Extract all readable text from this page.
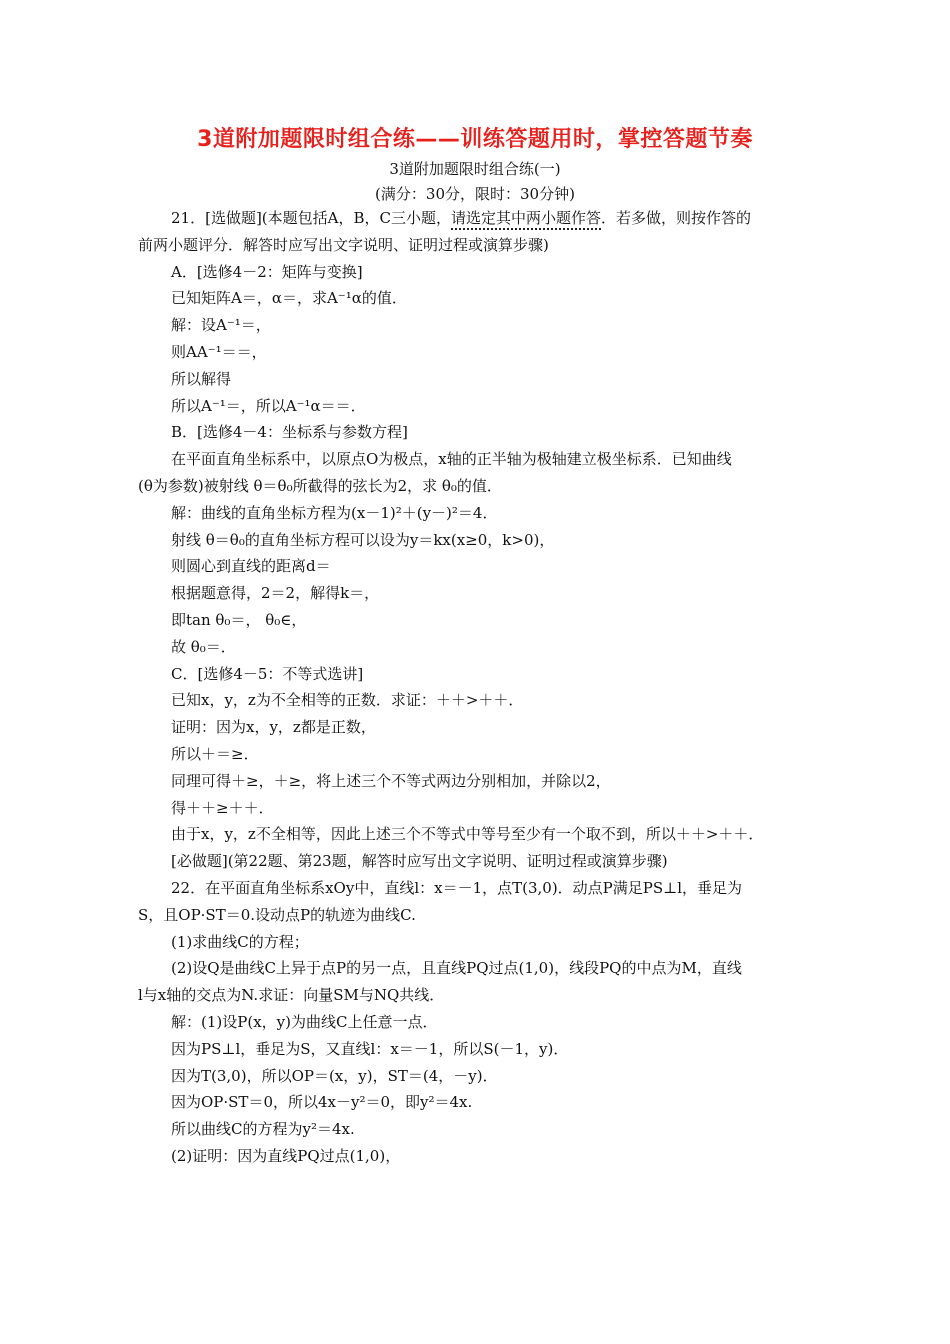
3道附加题限时组合练——训练答题用时，掌控答题节奏
3道附加题限时组合练(一)
(满分：30分，限时：30分钟)
21．[选做题](本题包括A，B，C三小题，请选定其中两小题作答．若多做，则按作答的
前两小题评分．解答时应写出文字说明、证明过程或演算步骤)
A．[选修4－2：矩阵与变换]
已知矩阵A＝，α＝，求A⁻¹α的值．
解：设A⁻¹＝，
则AA⁻¹＝＝，
所以解得
所以A⁻¹＝，所以A⁻¹α＝＝．
B．[选修4－4：坐标系与参数方程]
在平面直角坐标系中，以原点O为极点，x轴的正半轴为极轴建立极坐标系．已知曲线
(θ为参数)被射线 θ＝θ₀所截得的弦长为2，求 θ₀的值．
解：曲线的直角坐标方程为(x－1)²＋(y－)²＝4．
射线 θ＝θ₀的直角坐标方程可以设为y＝kx(x≥0，k>0)，
则圆心到直线的距离d＝
根据题意得，2＝2，解得k＝，
即tan θ₀＝， θ₀∈，
故 θ₀＝．
C．[选修4－5：不等式选讲]
已知x，y，z为不全相等的正数．求证：＋＋>＋＋．
证明：因为x，y，z都是正数，
所以＋＝≥．
同理可得＋≥，＋≥，将上述三个不等式两边分别相加，并除以2，
得＋＋≥＋＋．
由于x，y，z不全相等，因此上述三个不等式中等号至少有一个取不到，所以＋＋>＋＋．
[必做题](第22题、第23题，解答时应写出文字说明、证明过程或演算步骤)
22．在平面直角坐标系xOy中，直线l：x＝－1，点T(3,0)．动点P满足PS⊥l，垂足为
S，且OP·ST＝0.设动点P的轨迹为曲线C.
(1)求曲线C的方程；
(2)设Q是曲线C上异于点P的另一点，且直线PQ过点(1,0)，线段PQ的中点为M，直线
l与x轴的交点为N.求证：向量SM与NQ共线．
解：(1)设P(x，y)为曲线C上任意一点．
因为PS⊥l，垂足为S，又直线l：x＝－1，所以S(－1，y)．
因为T(3,0)，所以OP＝(x，y)，ST＝(4，－y)．
因为OP·ST＝0，所以4x－y²＝0，即y²＝4x.
所以曲线C的方程为y²＝4x.
(2)证明：因为直线PQ过点(1,0)，
